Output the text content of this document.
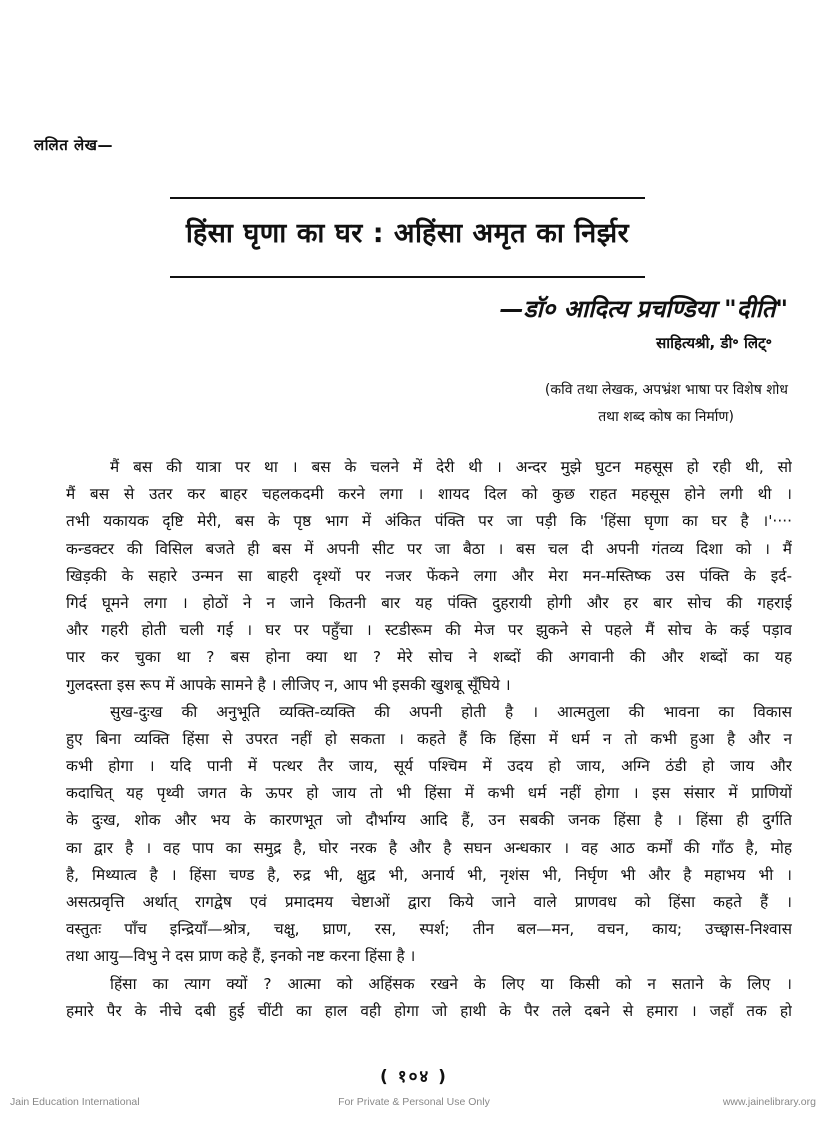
ललित लेख—
हिंसा घृणा का घर : अहिंसा अमृत का निर्झर
—डॉ० आदित्य प्रचण्डिया "दीति"
साहित्यश्री, डी॰ लिट्॰
(कवि तथा लेखक, अपभ्रंश भाषा पर विशेष शोध
तथा शब्द कोष का निर्माण)
मैं बस की यात्रा पर था । बस के चलने में देरी थी । अन्दर मुझे घुटन महसूस हो रही थी, सो
मैं बस से उतर कर बाहर चहलकदमी करने लगा । शायद दिल को कुछ राहत महसूस होने लगी थी ।
तभी यकायक दृष्टि मेरी, बस के पृष्ठ भाग में अंकित पंक्ति पर जा पड़ी कि 'हिंसा घृणा का घर है ।'····
कन्डक्टर की विसिल बजते ही बस में अपनी सीट पर जा बैठा । बस चल दी अपनी गंतव्य दिशा को । मैं
खिड़की के सहारे उन्मन सा बाहरी दृश्यों पर नजर फेंकने लगा और मेरा मन-मस्तिष्क उस पंक्ति के इर्द-
गिर्द घूमने लगा । होठों ने न जाने कितनी बार यह पंक्ति दुहरायी होगी और हर बार सोच की गहराई
और गहरी होती चली गई । घर पर पहुँचा । स्टडीरूम की मेज पर झुकने से पहले मैं सोच के कई पड़ाव
पार कर चुका था ? बस होना क्या था ? मेरे सोच ने शब्दों की अगवानी की और शब्दों का यह
गुलदस्ता इस रूप में आपके सामने है । लीजिए न, आप भी इसकी खुशबू सूँघिये ।
सुख-दुःख की अनुभूति व्यक्ति-व्यक्ति की अपनी होती है । आत्मतुला की भावना का विकास
हुए बिना व्यक्ति हिंसा से उपरत नहीं हो सकता । कहते हैं कि हिंसा में धर्म न तो कभी हुआ है और न
कभी होगा । यदि पानी में पत्थर तैर जाय, सूर्य पश्चिम में उदय हो जाय, अग्नि ठंडी हो जाय और
कदाचित् यह पृथ्वी जगत के ऊपर हो जाय तो भी हिंसा में कभी धर्म नहीं होगा । इस संसार में प्राणियों
के दुःख, शोक और भय के कारणभूत जो दौर्भाग्य आदि हैं, उन सबकी जनक हिंसा है । हिंसा ही दुर्गति
का द्वार है । वह पाप का समुद्र है, घोर नरक है और है सघन अन्धकार । वह आठ कर्मों की गाँठ है, मोह
है, मिथ्यात्व है । हिंसा चण्ड है, रुद्र भी, क्षुद्र भी, अनार्य भी, नृशंस भी, निर्घृण भी और है महाभय भी ।
असत्प्रवृत्ति अर्थात् रागद्वेष एवं प्रमादमय चेष्टाओं द्वारा किये जाने वाले प्राणवध को हिंसा कहते हैं ।
वस्तुतः पाँच इन्द्रियाँ—श्रोत्र, चक्षु, घ्राण, रस, स्पर्श; तीन बल—मन, वचन, काय; उच्छ्वास-निश्वास
तथा आयु—विभु ने दस प्राण कहे हैं, इनको नष्ट करना हिंसा है ।
हिंसा का त्याग क्यों ? आत्मा को अहिंसक रखने के लिए या किसी को न सताने के लिए ।
हमारे पैर के नीचे दबी हुई चींटी का हाल वही होगा जो हाथी के पैर तले दबने से हमारा । जहाँ तक हो
( १०४ )
Jain Education International	For Private & Personal Use Only	www.jainelibrary.org
